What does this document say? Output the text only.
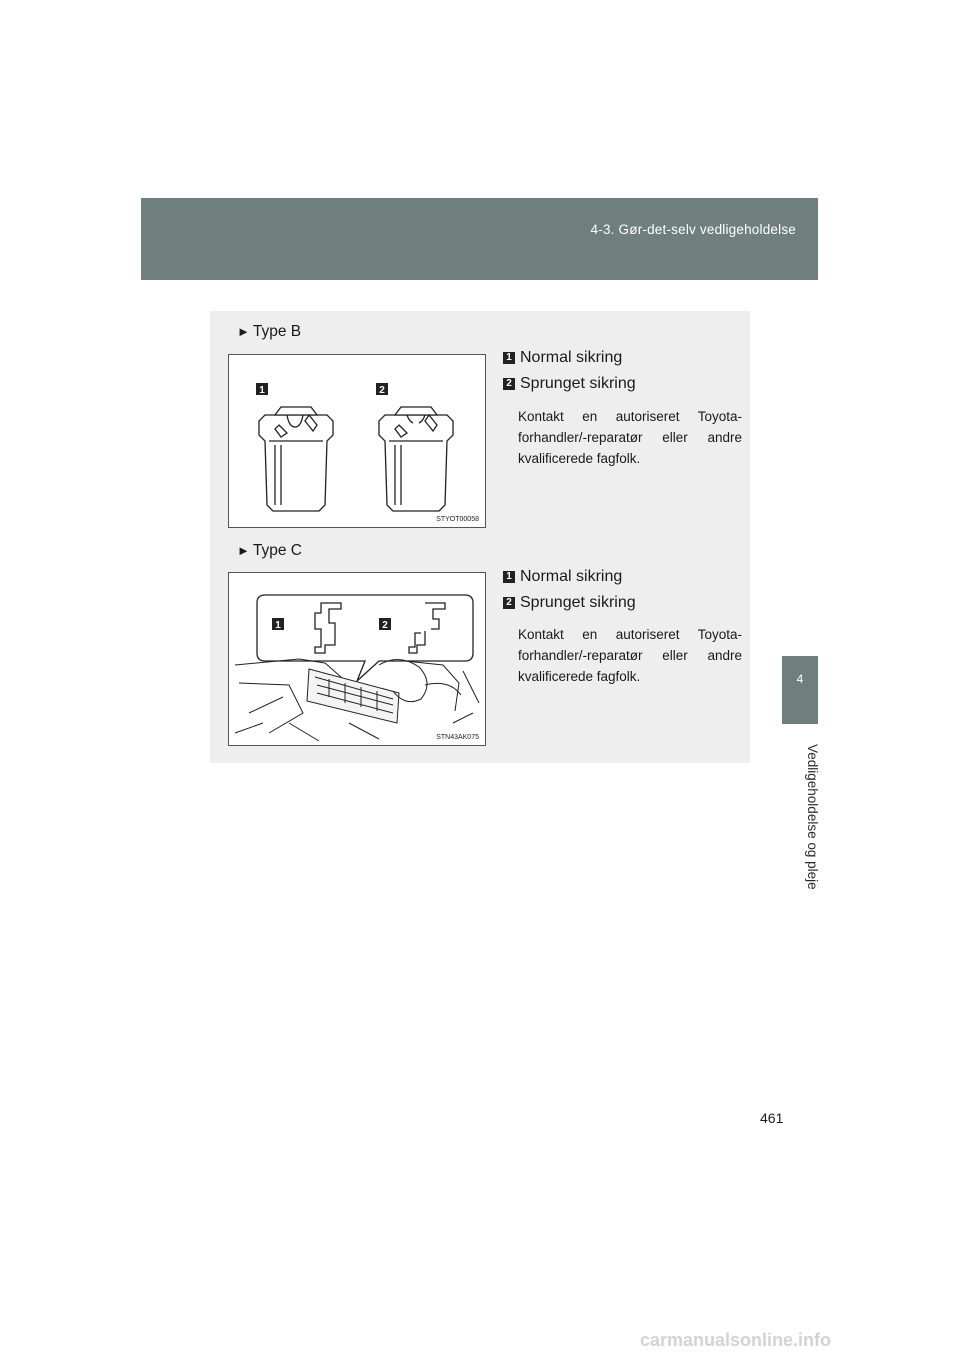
4-3. Gør-det-selv vedligeholdelse
4
Vedligeholdelse og pleje
► Type B
1	2
STYOT00058
► Type C
1	2
STN43AK075
1 Normal sikring
2 Sprunget sikring
Kontakt en autoriseret Toyota-forhandler/-reparatør eller andre kvalificerede fagfolk.
1 Normal sikring
2 Sprunget sikring
Kontakt en autoriseret Toyota-forhandler/-reparatør eller andre kvalificerede fagfolk.
461
carmanualsonline.info
